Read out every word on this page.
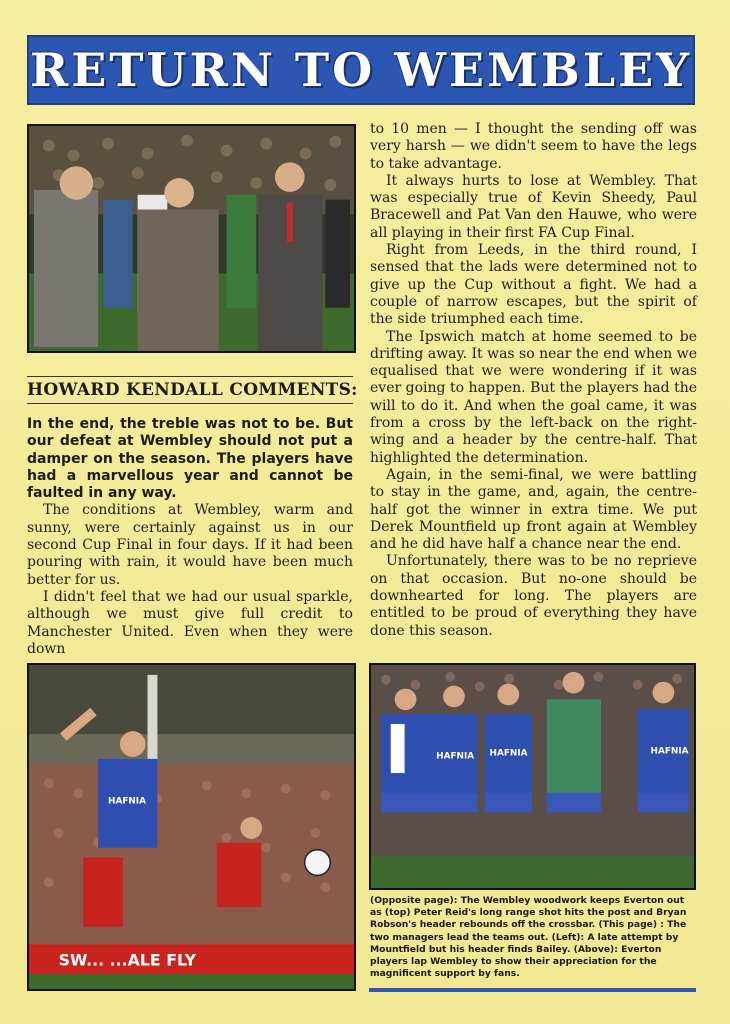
RETURN TO WEMBLEY
HOWARD KENDALL COMMENTS:

In the end, the treble was not to be. But our defeat at Wembley should not put a damper on the season. The players have had a marvellous year and cannot be faulted in any way.

The conditions at Wembley, warm and sunny, were certainly against us in our second Cup Final in four days. If it had been pouring with rain, it would have been much better for us.

I didn't feel that we had our usual sparkle, although we must give full credit to Manchester United. Even when they were down

to 10 men — I thought the sending off was very harsh — we didn't seem to have the legs to take advantage.

It always hurts to lose at Wembley. That was especially true of Kevin Sheedy, Paul Bracewell and Pat Van den Hauwe, who were all playing in their first FA Cup Final.

Right from Leeds, in the third round, I sensed that the lads were determined not to give up the Cup without a fight. We had a couple of narrow escapes, but the spirit of the side triumphed each time.

The Ipswich match at home seemed to be drifting away. It was so near the end when we equalised that we were wondering if it was ever going to happen. But the players had the will to do it. And when the goal came, it was from a cross by the left-back on the right-wing and a header by the centre-half. That highlighted the determination.

Again, in the semi-final, we were battling to stay in the game, and, again, the centre-half got the winner in extra time. We put Derek Mountfield up front again at Wembley and he did have half a chance near the end.

Unfortunately, there was to be no reprieve on that occasion. But no-one should be downhearted for long. The players are entitled to be proud of everything they have done this season.

SW... ...ALE FLY
HAFNIA
HAFNIA HAFNIA	HAFNIA
(Opposite page): The Wembley woodwork keeps Everton out as (top) Peter Reid's long range shot hits the post and Bryan Robson's header rebounds off the crossbar. (This page) : The two managers lead the teams out. (Left): A late attempt by Mountfield but his header finds Bailey. (Above): Everton players lap Wembley to show their appreciation for the magnificent support by fans.
